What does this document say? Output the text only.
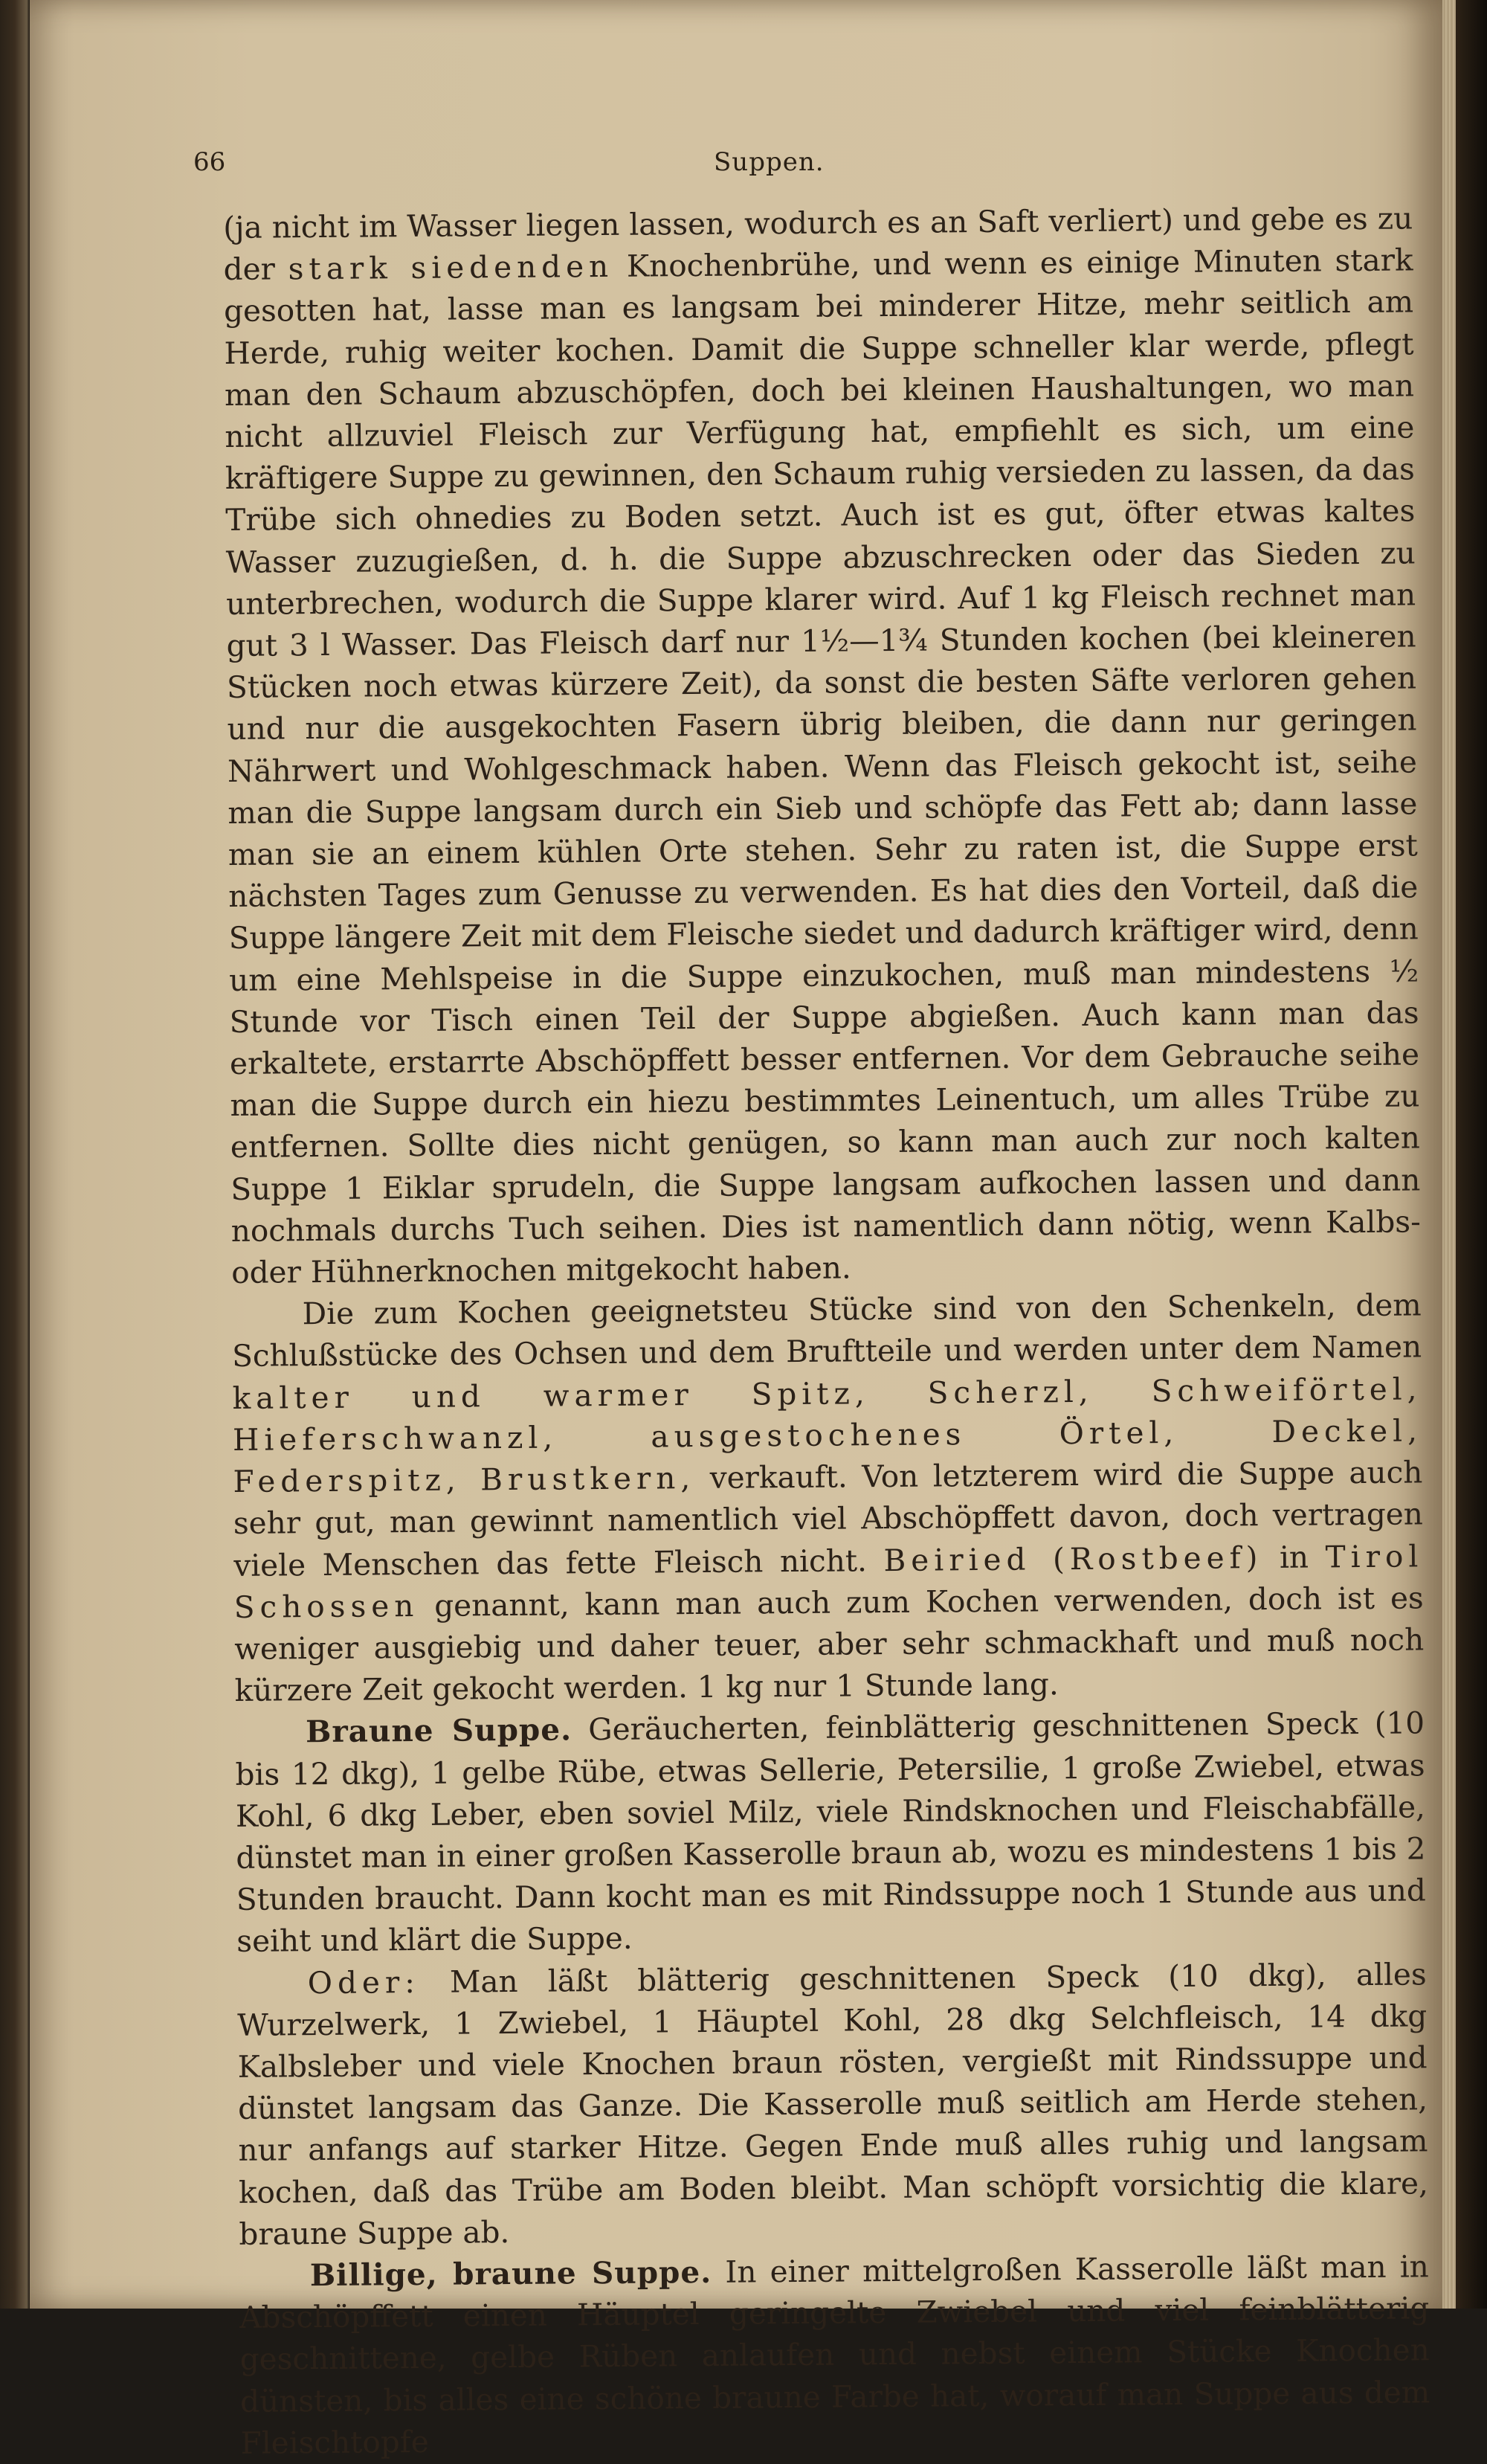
66	Suppen.

(ja nicht im Wasser liegen lassen, wodurch es an Saft verliert) und gebe es zu der stark siedenden Knochenbrühe, und wenn es einige Minuten stark gesotten hat, lasse man es langsam bei minderer Hitze, mehr seitlich am Herde, ruhig weiter kochen. Damit die Suppe schneller klar werde, pflegt man den Schaum abzuschöpfen, doch bei kleinen Haushaltungen, wo man nicht allzuviel Fleisch zur Verfügung hat, empfiehlt es sich, um eine kräftigere Suppe zu gewinnen, den Schaum ruhig versieden zu lassen, da das Trübe sich ohnedies zu Boden setzt. Auch ist es gut, öfter etwas kaltes Wasser zuzugießen, d. h. die Suppe abzuschrecken oder das Sieden zu unterbrechen, wodurch die Suppe klarer wird. Auf 1 kg Fleisch rechnet man gut 3 l Wasser. Das Fleisch darf nur 1½—1¾ Stunden kochen (bei kleineren Stücken noch etwas kürzere Zeit), da sonst die besten Säfte verloren gehen und nur die ausgekochten Fasern übrig bleiben, die dann nur geringen Nährwert und Wohlgeschmack haben. Wenn das Fleisch gekocht ist, seihe man die Suppe langsam durch ein Sieb und schöpfe das Fett ab; dann lasse man sie an einem kühlen Orte stehen. Sehr zu raten ist, die Suppe erst nächsten Tages zum Genusse zu verwenden. Es hat dies den Vorteil, daß die Suppe längere Zeit mit dem Fleische siedet und dadurch kräftiger wird, denn um eine Mehlspeise in die Suppe einzukochen, muß man mindestens ½ Stunde vor Tisch einen Teil der Suppe abgießen. Auch kann man das erkaltete, erstarrte Abschöpffett besser entfernen. Vor dem Gebrauche seihe man die Suppe durch ein hiezu bestimmtes Leinentuch, um alles Trübe zu entfernen. Sollte dies nicht genügen, so kann man auch zur noch kalten Suppe 1 Eiklar sprudeln, die Suppe langsam aufkochen lassen und dann nochmals durchs Tuch seihen. Dies ist namentlich dann nötig, wenn Kalbs- oder Hühnerknochen mitgekocht haben.

Die zum Kochen geeignetsteu Stücke sind von den Schenkeln, dem Schlußstücke des Ochsen und dem Bruftteile und werden unter dem Namen kalter und warmer Spitz, Scherzl, Schweiförtel, Hieferschwanzl, ausgestochenes Örtel, Deckel, Federspitz, Brustkern, verkauft. Von letzterem wird die Suppe auch sehr gut, man gewinnt namentlich viel Abschöpffett davon, doch vertragen viele Menschen das fette Fleisch nicht. Beiried (Rostbeef) in Tirol Schossen genannt, kann man auch zum Kochen verwenden, doch ist es weniger ausgiebig und daher teuer, aber sehr schmackhaft und muß noch kürzere Zeit gekocht werden. 1 kg nur 1 Stunde lang.

Braune Suppe. Geräucherten, feinblätterig geschnittenen Speck (10 bis 12 dkg), 1 gelbe Rübe, etwas Sellerie, Petersilie, 1 große Zwiebel, etwas Kohl, 6 dkg Leber, eben soviel Milz, viele Rindsknochen und Fleischabfälle, dünstet man in einer großen Kasserolle braun ab, wozu es mindestens 1 bis 2 Stunden braucht. Dann kocht man es mit Rindssuppe noch 1 Stunde aus und seiht und klärt die Suppe.

Oder: Man läßt blätterig geschnittenen Speck (10 dkg), alles Wurzelwerk, 1 Zwiebel, 1 Häuptel Kohl, 28 dkg Selchfleisch, 14 dkg Kalbsleber und viele Knochen braun rösten, vergießt mit Rindssuppe und dünstet langsam das Ganze. Die Kasserolle muß seitlich am Herde stehen, nur anfangs auf starker Hitze. Gegen Ende muß alles ruhig und langsam kochen, daß das Trübe am Boden bleibt. Man schöpft vorsichtig die klare, braune Suppe ab.

Billige, braune Suppe. In einer mittelgroßen Kasserolle läßt man in Abschöpffett einen Häuptel geringelte Zwiebel und viel feinblätterig geschnittene, gelbe Rüben anlaufen und nebst einem Stücke Knochen dünsten, bis alles eine schöne braune Farbe hat, worauf man Suppe aus dem Fleischtopfe
